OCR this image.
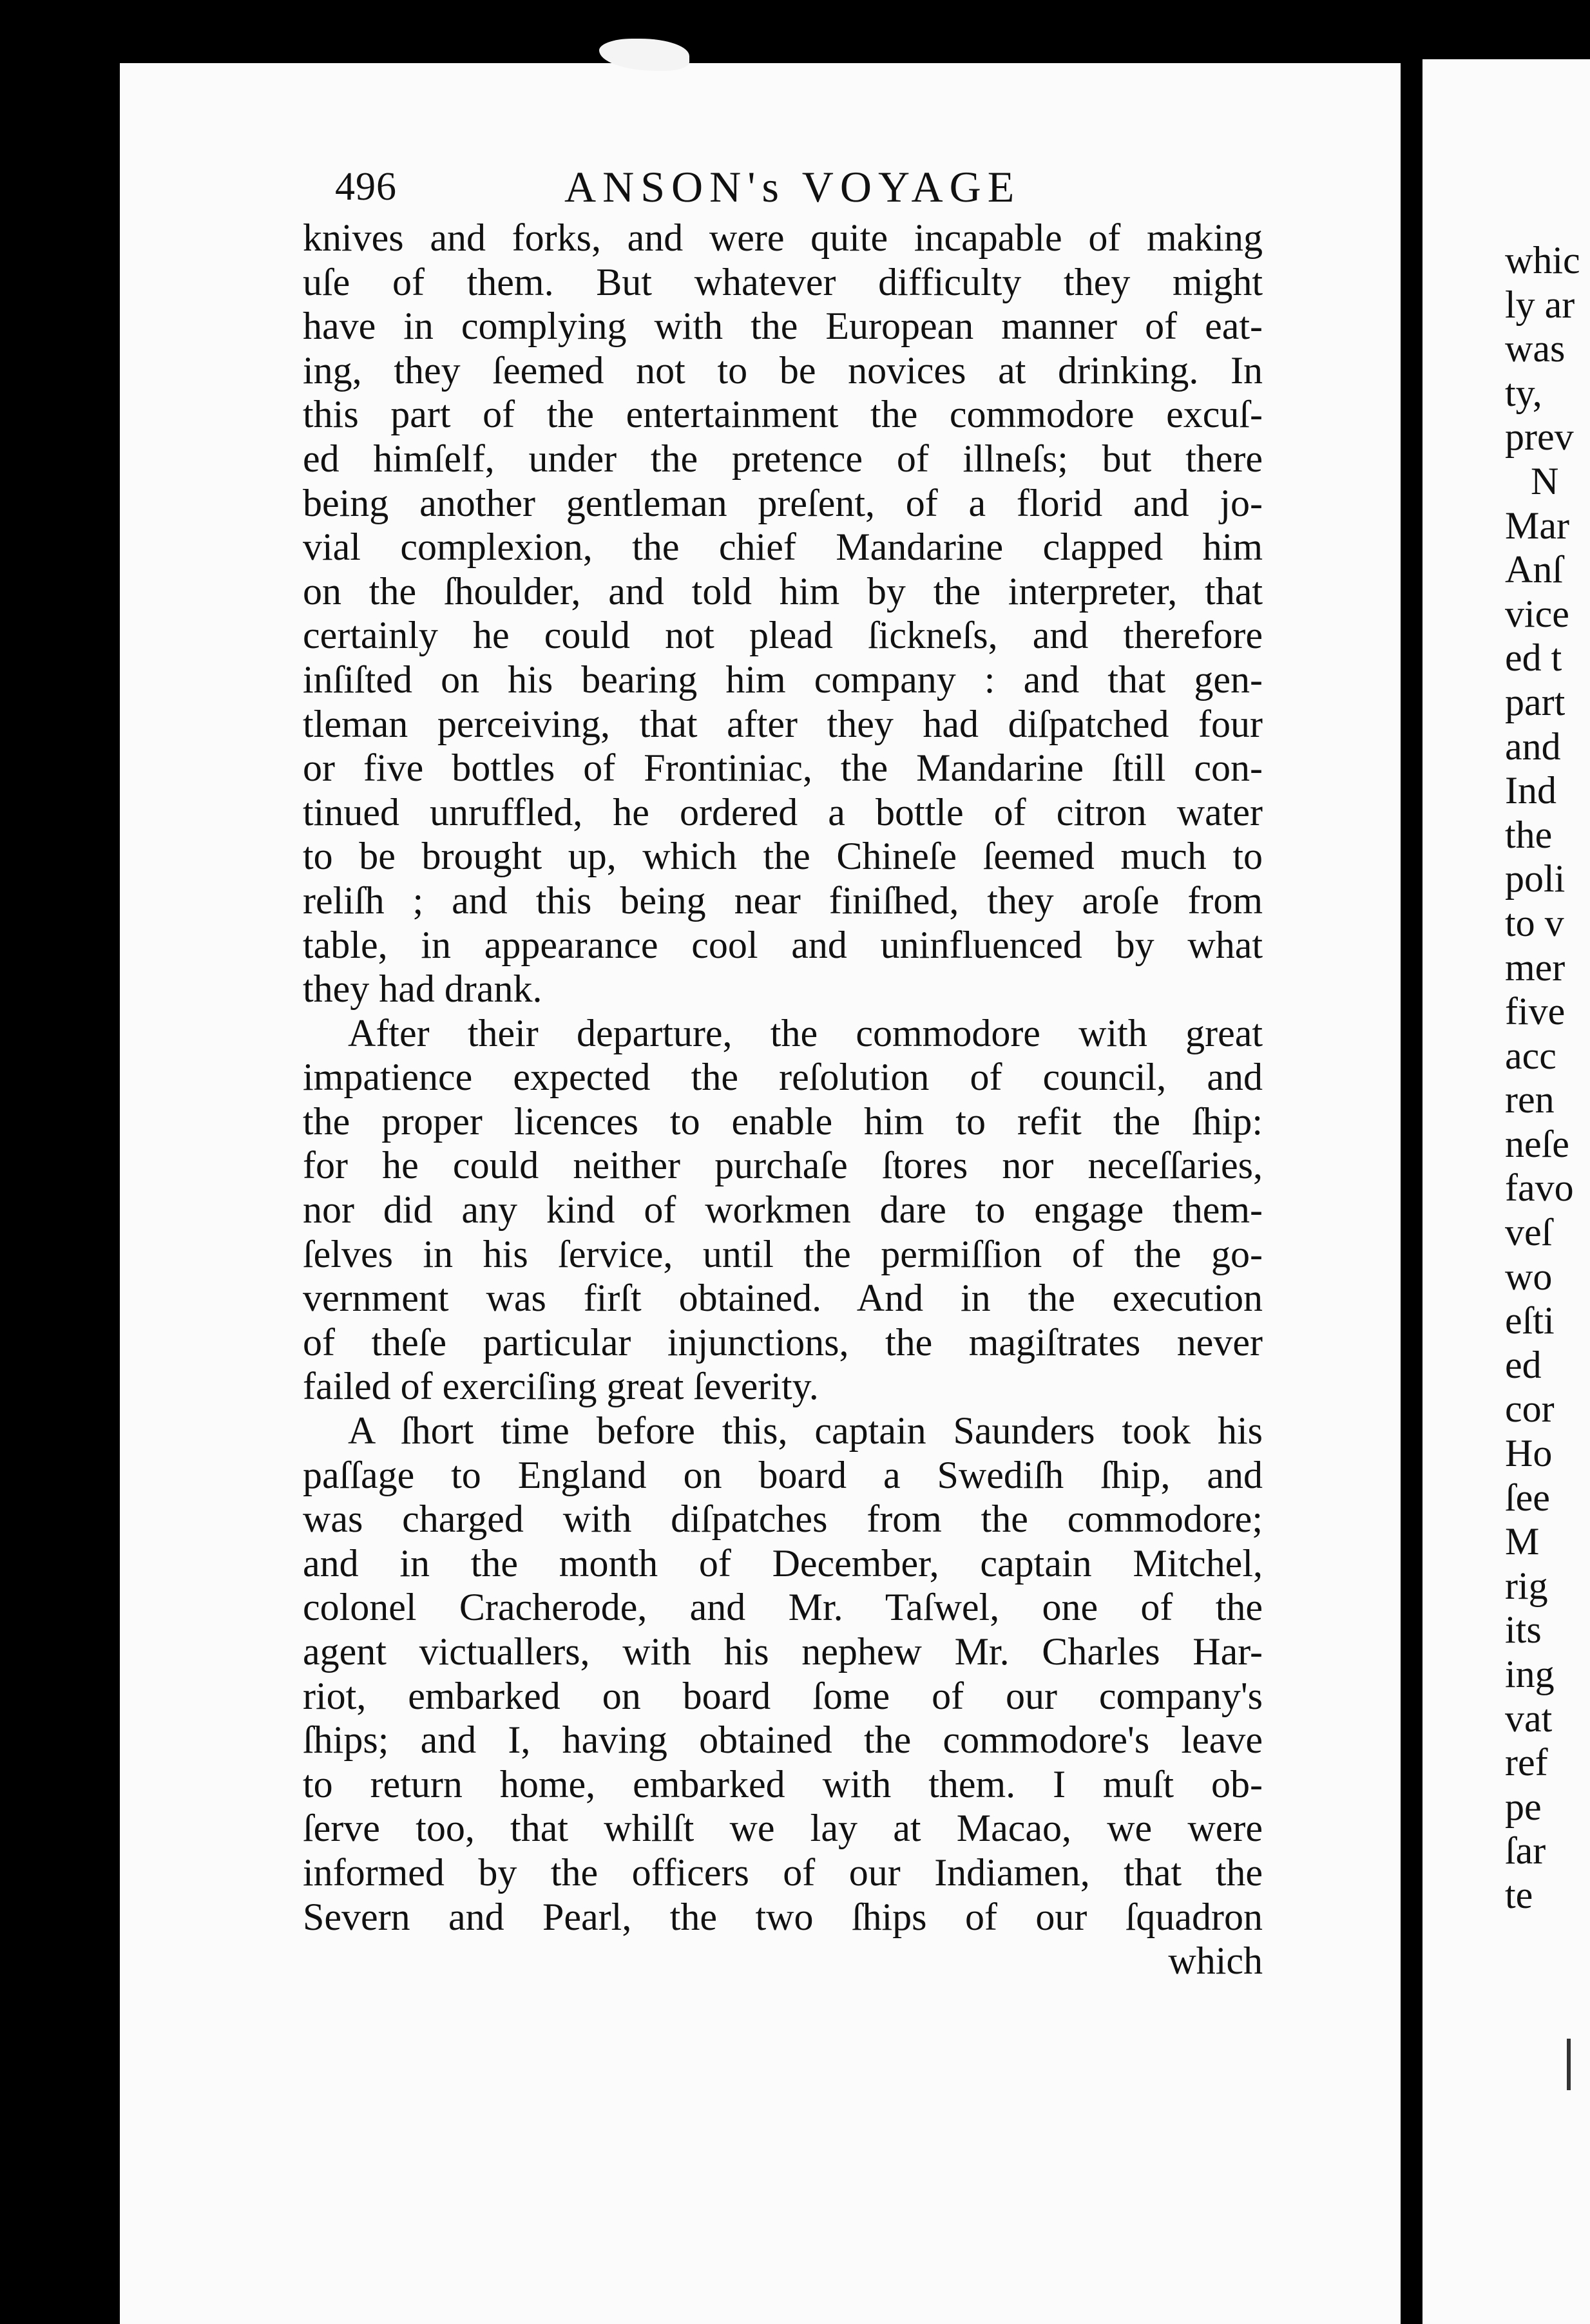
496	ANSON's VOYAGE
knives and forks, and were quite incapable of making
uſe of them. But whatever difficulty they might
have in complying with the European manner of eat-
ing, they ſeemed not to be novices at drinking. In
this part of the entertainment the commodore excuſ-
ed himſelf, under the pretence of illneſs; but there
being another gentleman preſent, of a florid and jo-
vial complexion, the chief Mandarine clapped him
on the ſhoulder, and told him by the interpreter, that
certainly he could not plead ſickneſs, and therefore
inſiſted on his bearing him company : and that gen-
tleman perceiving, that after they had diſpatched four
or five bottles of Frontiniac, the Mandarine ſtill con-
tinued unruffled, he ordered a bottle of citron water
to be brought up, which the Chineſe ſeemed much to
reliſh ; and this being near finiſhed, they aroſe from
table, in appearance cool and uninfluenced by what
they had drank.
After their departure, the commodore with great
impatience expected the reſolution of council, and
the proper licences to enable him to refit the ſhip:
for he could neither purchaſe ſtores nor neceſſaries,
nor did any kind of workmen dare to engage them-
ſelves in his ſervice, until the permiſſion of the go-
vernment was firſt obtained. And in the execution
of theſe particular injunctions, the magiſtrates never
failed of exerciſing great ſeverity.
A ſhort time before this, captain Saunders took his
paſſage to England on board a Swediſh ſhip, and
was charged with diſpatches from the commodore;
and in the month of December, captain Mitchel,
colonel Cracherode, and Mr. Taſwel, one of the
agent victuallers, with his nephew Mr. Charles Har-
riot, embarked on board ſome of our company's
ſhips; and I, having obtained the commodore's leave
to return home, embarked with them. I muſt ob-
ſerve too, that whilſt we lay at Macao, we were
informed by the officers of our Indiamen, that the
Severn and Pearl, the two ſhips of our ſquadron
which
whic
ly ar
was
ty,
prev
N
Mar
Anſ
vice
ed t
part
and
Ind
the
poli
to v
mer
five
acc
ren
neſe
favo
veſ
wo
eſti
ed
cor
Ho
ſee
M
rig
its
ing
vat
ref
pe
ſar
te
